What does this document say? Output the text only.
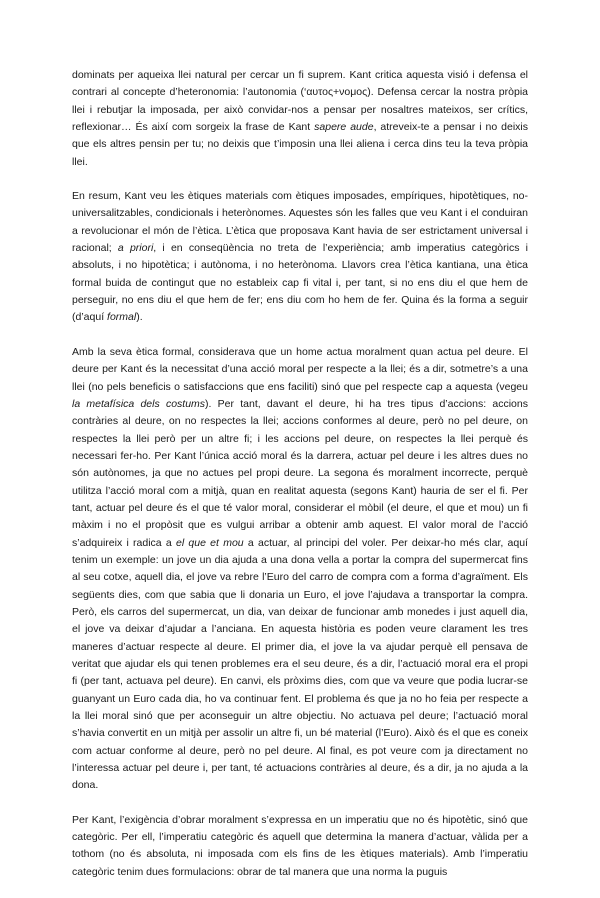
dominats per aqueixa llei natural per cercar un fi suprem. Kant critica aquesta visió i defensa el contrari al concepte d’heteronomia: l’autonomia (‘αυτος+νομος). Defensa cercar la nostra pròpia llei i rebutjar la imposada, per això convidar-nos a pensar per nosaltres mateixos, ser crítics, reflexionar… És així com sorgeix la frase de Kant sapere aude, atreveix-te a pensar i no deixis que els altres pensin per tu; no deixis que t’imposin una llei aliena i cerca dins teu la teva pròpia llei.

En resum, Kant veu les ètiques materials com ètiques imposades, empíriques, hipotètiques, no-universalitzables, condicionals i heterònomes. Aquestes són les falles que veu Kant i el conduiran a revolucionar el món de l’ètica. L’ètica que proposava Kant havia de ser estrictament universal i racional; a priori, i en conseqüència no treta de l’experiència; amb imperatius categòrics i absoluts, i no hipotètica; i autònoma, i no heterònoma. Llavors crea l’ètica kantiana, una ètica formal buida de contingut que no estableix cap fi vital i, per tant, si no ens diu el que hem de perseguir, no ens diu el que hem de fer; ens diu com ho hem de fer. Quina és la forma a seguir (d’aquí formal).

Amb la seva ètica formal, considerava que un home actua moralment quan actua pel deure. El deure per Kant és la necessitat d’una acció moral per respecte a la llei; és a dir, sotmetre’s a una llei (no pels beneficis o satisfaccions que ens faciliti) sinó que pel respecte cap a aquesta (vegeu la metafísica dels costums). Per tant, davant el deure, hi ha tres tipus d’accions: accions contràries al deure, on no respectes la llei; accions conformes al deure, però no pel deure, on respectes la llei però per un altre fi; i les accions pel deure, on respectes la llei perquè és necessari fer-ho. Per Kant l’única acció moral és la darrera, actuar pel deure i les altres dues no són autònomes, ja que no actues pel propi deure. La segona és moralment incorrecte, perquè utilitza l’acció moral com a mitjà, quan en realitat aquesta (segons Kant) hauria de ser el fi. Per tant, actuar pel deure és el que té valor moral, considerar el mòbil (el deure, el que et mou) un fi màxim i no el propòsit que es vulgui arribar a obtenir amb aquest. El valor moral de l’acció s’adquireix i radica a el que et mou a actuar, al principi del voler. Per deixar-ho més clar, aquí tenim un exemple: un jove un dia ajuda a una dona vella a portar la compra del supermercat fins al seu cotxe, aquell dia, el jove va rebre l’Euro del carro de compra com a forma d’agraïment. Els següents dies, com que sabia que li donaria un Euro, el jove l’ajudava a transportar la compra. Però, els carros del supermercat, un dia, van deixar de funcionar amb monedes i just aquell dia, el jove va deixar d’ajudar a l’anciana. En aquesta història es poden veure clarament les tres maneres d’actuar respecte al deure. El primer dia, el jove la va ajudar perquè ell pensava de veritat que ajudar els qui tenen problemes era el seu deure, és a dir, l’actuació moral era el propi fi (per tant, actuava pel deure). En canvi, els pròxims dies, com que va veure que podia lucrar-se guanyant un Euro cada dia, ho va continuar fent. El problema és que ja no ho feia per respecte a la llei moral sinó que per aconseguir un altre objectiu. No actuava pel deure; l’actuació moral s’havia convertit en un mitjà per assolir un altre fi, un bé material (l’Euro). Això és el que es coneix com actuar conforme al deure, però no pel deure. Al final, es pot veure com ja directament no l’interessa actuar pel deure i, per tant, té actuacions contràries al deure, és a dir, ja no ajuda a la dona.

Per Kant, l’exigència d’obrar moralment s’expressa en un imperatiu que no és hipotètic, sinó que categòric. Per ell, l’imperatiu categòric és aquell que determina la manera d’actuar, vàlida per a tothom (no és absoluta, ni imposada com els fins de les ètiques materials). Amb l’imperatiu categòric tenim dues formulacions: obrar de tal manera que una norma la puguis
